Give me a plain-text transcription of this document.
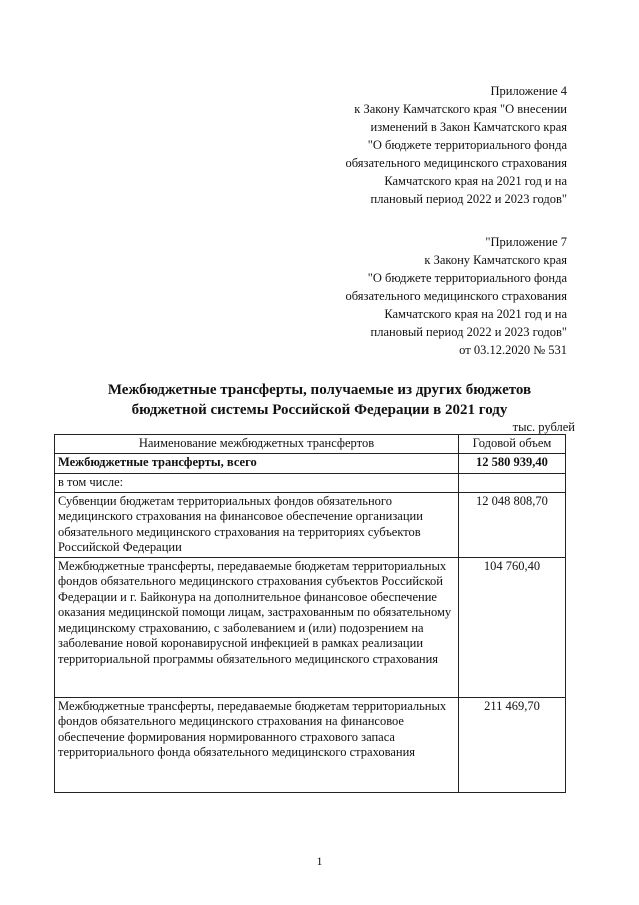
Приложение 4
к Закону Камчатского края "О внесении
изменений в Закон Камчатского края
"О бюджете территориального фонда
обязательного медицинского страхования
Камчатского края на 2021 год и на
плановый период 2022 и 2023 годов"
"Приложение 7
к Закону Камчатского края
"О бюджете территориального фонда
обязательного медицинского страхования
Камчатского края на 2021 год и на
плановый период 2022 и 2023 годов"
от 03.12.2020 № 531
Межбюджетные трансферты, получаемые из других бюджетов
бюджетной системы Российской Федерации в 2021 году
тыс. рублей
Наименование межбюджетных трансфертов	Годовой объем
Межбюджетные трансферты, всего	12 580 939,40
в том числе:	
Субвенции бюджетам территориальных фондов обязательного медицинского страхования на финансовое обеспечение организации обязательного медицинского страхования на территориях субъектов Российской Федерации	12 048 808,70
Межбюджетные трансферты, передаваемые бюджетам территориальных фондов обязательного медицинского страхования субъектов Российской Федерации и г. Байконура на дополнительное финансовое обеспечение оказания медицинской помощи лицам, застрахованным по обязательному медицинскому страхованию, с заболеванием и (или) подозрением на заболевание новой коронавирусной инфекцией в рамках реализации территориальной программы обязательного медицинского страхования	104 760,40
Межбюджетные трансферты, передаваемые бюджетам территориальных фондов обязательного медицинского страхования на финансовое обеспечение формирования нормированного страхового запаса территориального фонда обязательного медицинского страхования	211 469,70
1
